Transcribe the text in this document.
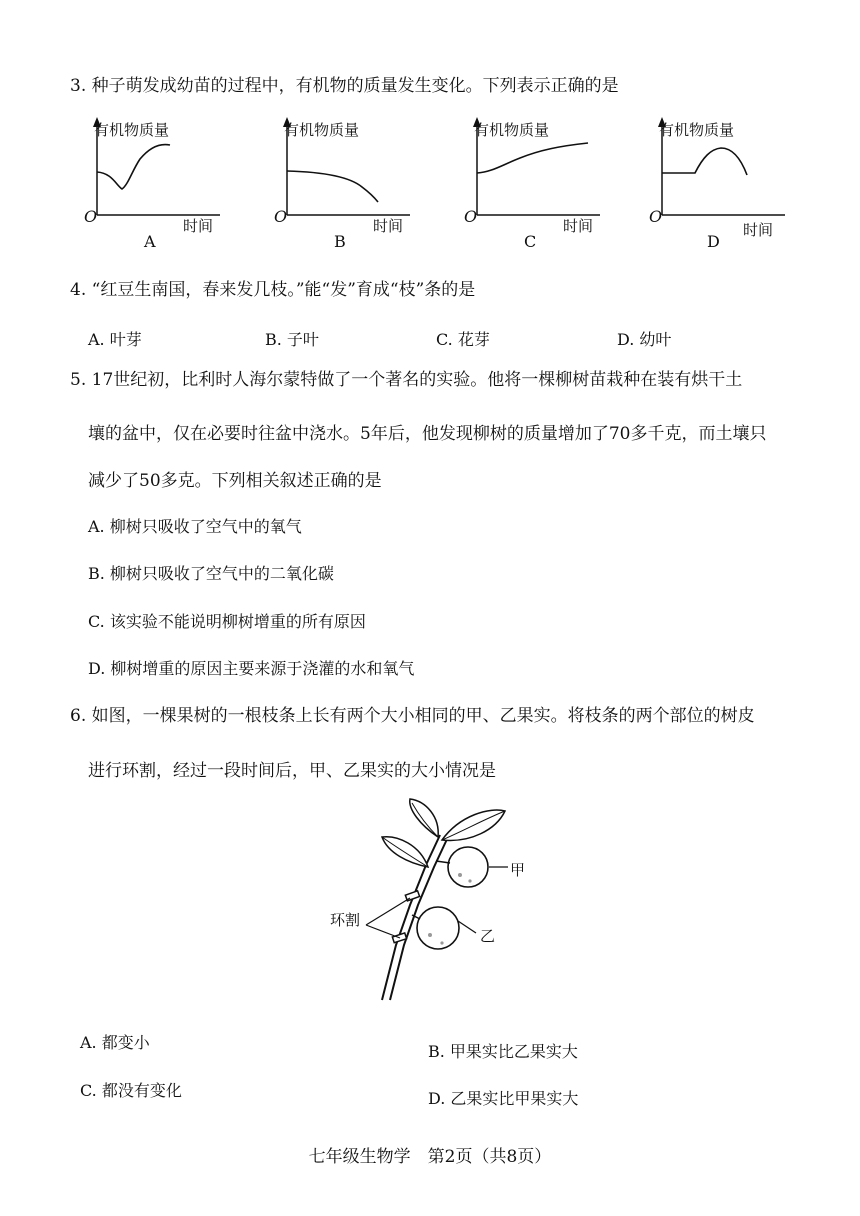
3. 种子萌发成幼苗的过程中，有机物的质量发生变化。下列表示正确的是
有机物质量
O	时间
A
有机物质量
O	时间
B
有机物质量
O	时间
C
有机物质量
O
时间
D
4. “红豆生南国，春来发几枝。”能“发”育成“枝”条的是
A. 叶芽	B. 子叶	C. 花芽	D. 幼叶
5. 17世纪初，比利时人海尔蒙特做了一个著名的实验。他将一棵柳树苗栽种在装有烘干土
壤的盆中，仅在必要时往盆中浇水。5年后，他发现柳树的质量增加了70多千克，而土壤只
减少了50多克。下列相关叙述正确的是
A. 柳树只吸收了空气中的氧气
B. 柳树只吸收了空气中的二氧化碳
C. 该实验不能说明柳树增重的所有原因
D. 柳树增重的原因主要来源于浇灌的水和氧气
6. 如图，一棵果树的一根枝条上长有两个大小相同的甲、乙果实。将枝条的两个部位的树皮
进行环割，经过一段时间后，甲、乙果实的大小情况是
甲
乙
环割
A. 都变小	B. 甲果实比乙果实大
C. 都没有变化	D. 乙果实比甲果实大
七年级生物学　第2页（共8页）
